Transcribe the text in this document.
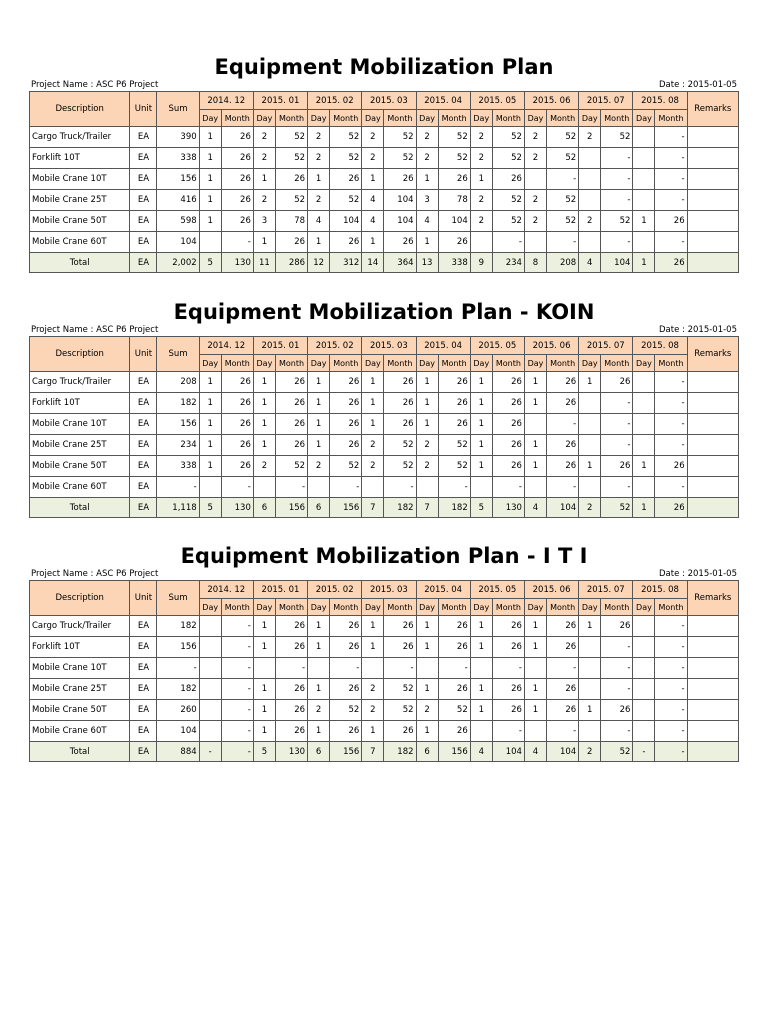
Equipment Mobilization Plan
Project Name : ASC P6 Project	Date : 2015-01-05
Description	Unit	Sum	2014. 12		2015. 01		2015. 02		2015. 03		2015. 04		2015. 05		2015. 06		2015. 07		2015. 08		Remarks
			Day	Month	Day	Month	Day	Month	Day	Month	Day	Month	Day	Month	Day	Month	Day	Month	Day	Month	
Cargo Truck/Trailer	EA	390	1	26	2	52	2	52	2	52	2	52	2	52	2	52	2	52		-	
Forklift 10T	EA	338	1	26	2	52	2	52	2	52	2	52	2	52	2	52		-		-	
Mobile Crane 10T	EA	156	1	26	1	26	1	26	1	26	1	26	1	26		-		-		-	
Mobile Crane 25T	EA	416	1	26	2	52	2	52	4	104	3	78	2	52	2	52		-		-	
Mobile Crane 50T	EA	598	1	26	3	78	4	104	4	104	4	104	2	52	2	52	2	52	1	26	
Mobile Crane 60T	EA	104		-	1	26	1	26	1	26	1	26		-		-		-		-	
Total	EA	2,002	5	130	11	286	12	312	14	364	13	338	9	234	8	208	4	104	1	26	
Equipment Mobilization Plan - KOIN
Project Name : ASC P6 Project	Date : 2015-01-05
Description	Unit	Sum	2014. 12		2015. 01		2015. 02		2015. 03		2015. 04		2015. 05		2015. 06		2015. 07		2015. 08		Remarks
			Day	Month	Day	Month	Day	Month	Day	Month	Day	Month	Day	Month	Day	Month	Day	Month	Day	Month	
Cargo Truck/Trailer	EA	208	1	26	1	26	1	26	1	26	1	26	1	26	1	26	1	26		-	
Forklift 10T	EA	182	1	26	1	26	1	26	1	26	1	26	1	26	1	26		-		-	
Mobile Crane 10T	EA	156	1	26	1	26	1	26	1	26	1	26	1	26		-		-		-	
Mobile Crane 25T	EA	234	1	26	1	26	1	26	2	52	2	52	1	26	1	26		-		-	
Mobile Crane 50T	EA	338	1	26	2	52	2	52	2	52	2	52	1	26	1	26	1	26	1	26	
Mobile Crane 60T	EA	-		-		-		-		-		-		-		-		-		-	
Total	EA	1,118	5	130	6	156	6	156	7	182	7	182	5	130	4	104	2	52	1	26	
Equipment Mobilization Plan - I T I
Project Name : ASC P6 Project	Date : 2015-01-05
Description	Unit	Sum	2014. 12		2015. 01		2015. 02		2015. 03		2015. 04		2015. 05		2015. 06		2015. 07		2015. 08		Remarks
			Day	Month	Day	Month	Day	Month	Day	Month	Day	Month	Day	Month	Day	Month	Day	Month	Day	Month	
Cargo Truck/Trailer	EA	182		-	1	26	1	26	1	26	1	26	1	26	1	26	1	26		-	
Forklift 10T	EA	156		-	1	26	1	26	1	26	1	26	1	26	1	26		-		-	
Mobile Crane 10T	EA	-		-		-		-		-		-		-		-		-		-	
Mobile Crane 25T	EA	182		-	1	26	1	26	2	52	1	26	1	26	1	26		-		-	
Mobile Crane 50T	EA	260		-	1	26	2	52	2	52	2	52	1	26	1	26	1	26		-	
Mobile Crane 60T	EA	104		-	1	26	1	26	1	26	1	26		-		-		-		-	
Total	EA	884	-	-	5	130	6	156	7	182	6	156	4	104	4	104	2	52	-	-	
